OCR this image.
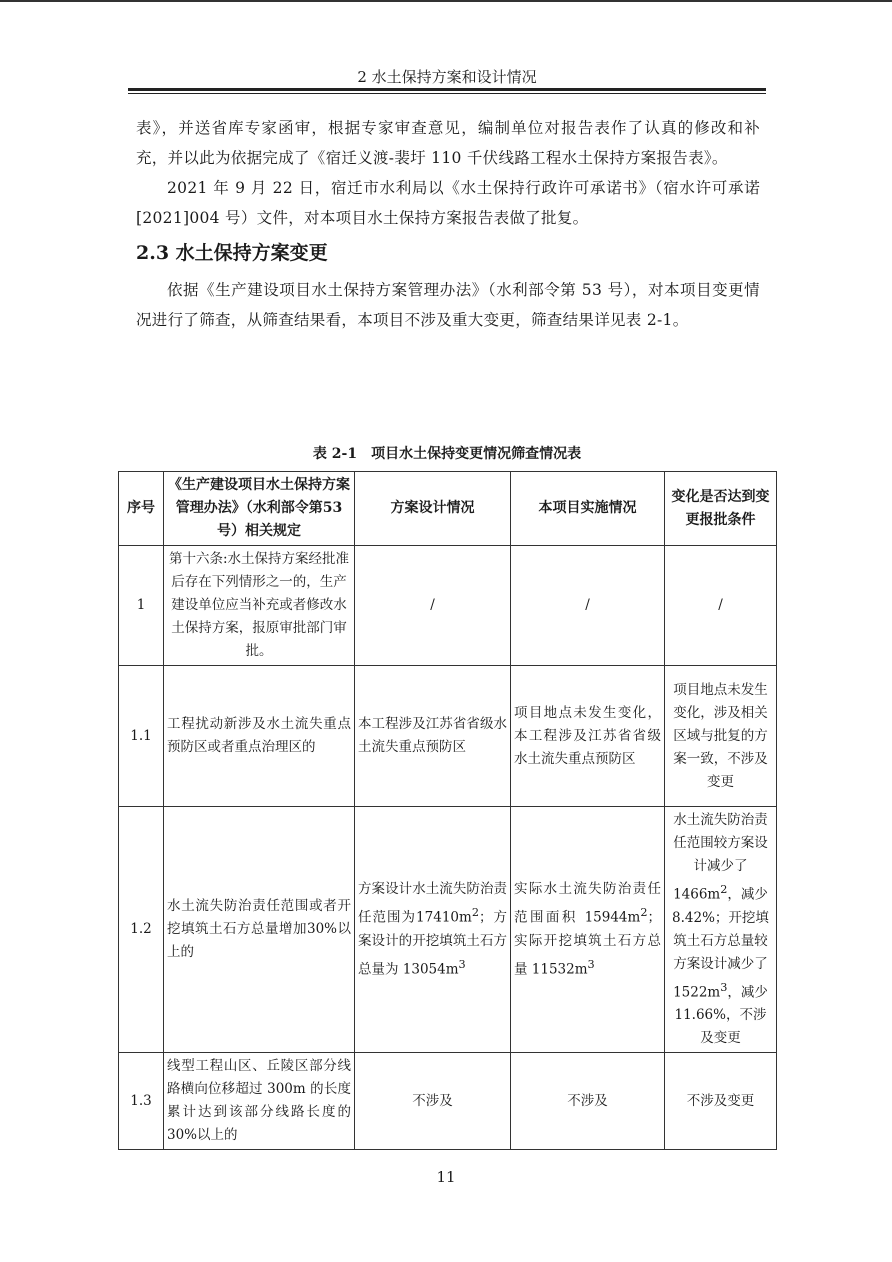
2 水土保持方案和设计情况

表》，并送省库专家函审，根据专家审查意见，编制单位对报告表作了认真的修改和补充，并以此为依据完成了《宿迁义渡-裴圩 110 千伏线路工程水土保持方案报告表》。

2021 年 9 月 22 日，宿迁市水利局以《水土保持行政许可承诺书》（宿水许可承诺[2021]004 号）文件，对本项目水土保持方案报告表做了批复。

2.3 水土保持方案变更

依据《生产建设项目水土保持方案管理办法》（水利部令第 53 号），对本项目变更情况进行了筛查，从筛查结果看，本项目不涉及重大变更，筛查结果详见表 2-1。

表 2-1　项目水土保持变更情况筛查情况表
序号	《生产建设项目水土保持方案管理办法》（水利部令第53号）相关规定	方案设计情况	本项目实施情况	变化是否达到变更报批条件
1	第十六条:水土保持方案经批准后存在下列情形之一的，生产建设单位应当补充或者修改水土保持方案，报原审批部门审批。	/	/	/
1.1	工程扰动新涉及水土流失重点预防区或者重点治理区的	本工程涉及江苏省省级水土流失重点预防区	项目地点未发生变化，本工程涉及江苏省省级水土流失重点预防区	项目地点未发生变化，涉及相关区域与批复的方案一致，不涉及变更
1.2	水土流失防治责任范围或者开挖填筑土石方总量增加30%以上的	方案设计水土流失防治责任范围为$17410m^2$；方案设计的开挖填筑土石方总量为 $13054m^3$	实际水土流失防治责任范围面积 $15944m^2$；实际开挖填筑土石方总量 $11532m^3$	水土流失防治责任范围较方案设计减少了$1466m^2$，减少8.42%；开挖填筑土石方总量较方案设计减少了 $1522m^3$，减少 11.66%，不涉及变更
1.3	线型工程山区、丘陵区部分线路横向位移超过 300m 的长度累计达到该部分线路长度的 30%以上的	不涉及	不涉及	不涉及变更
11
